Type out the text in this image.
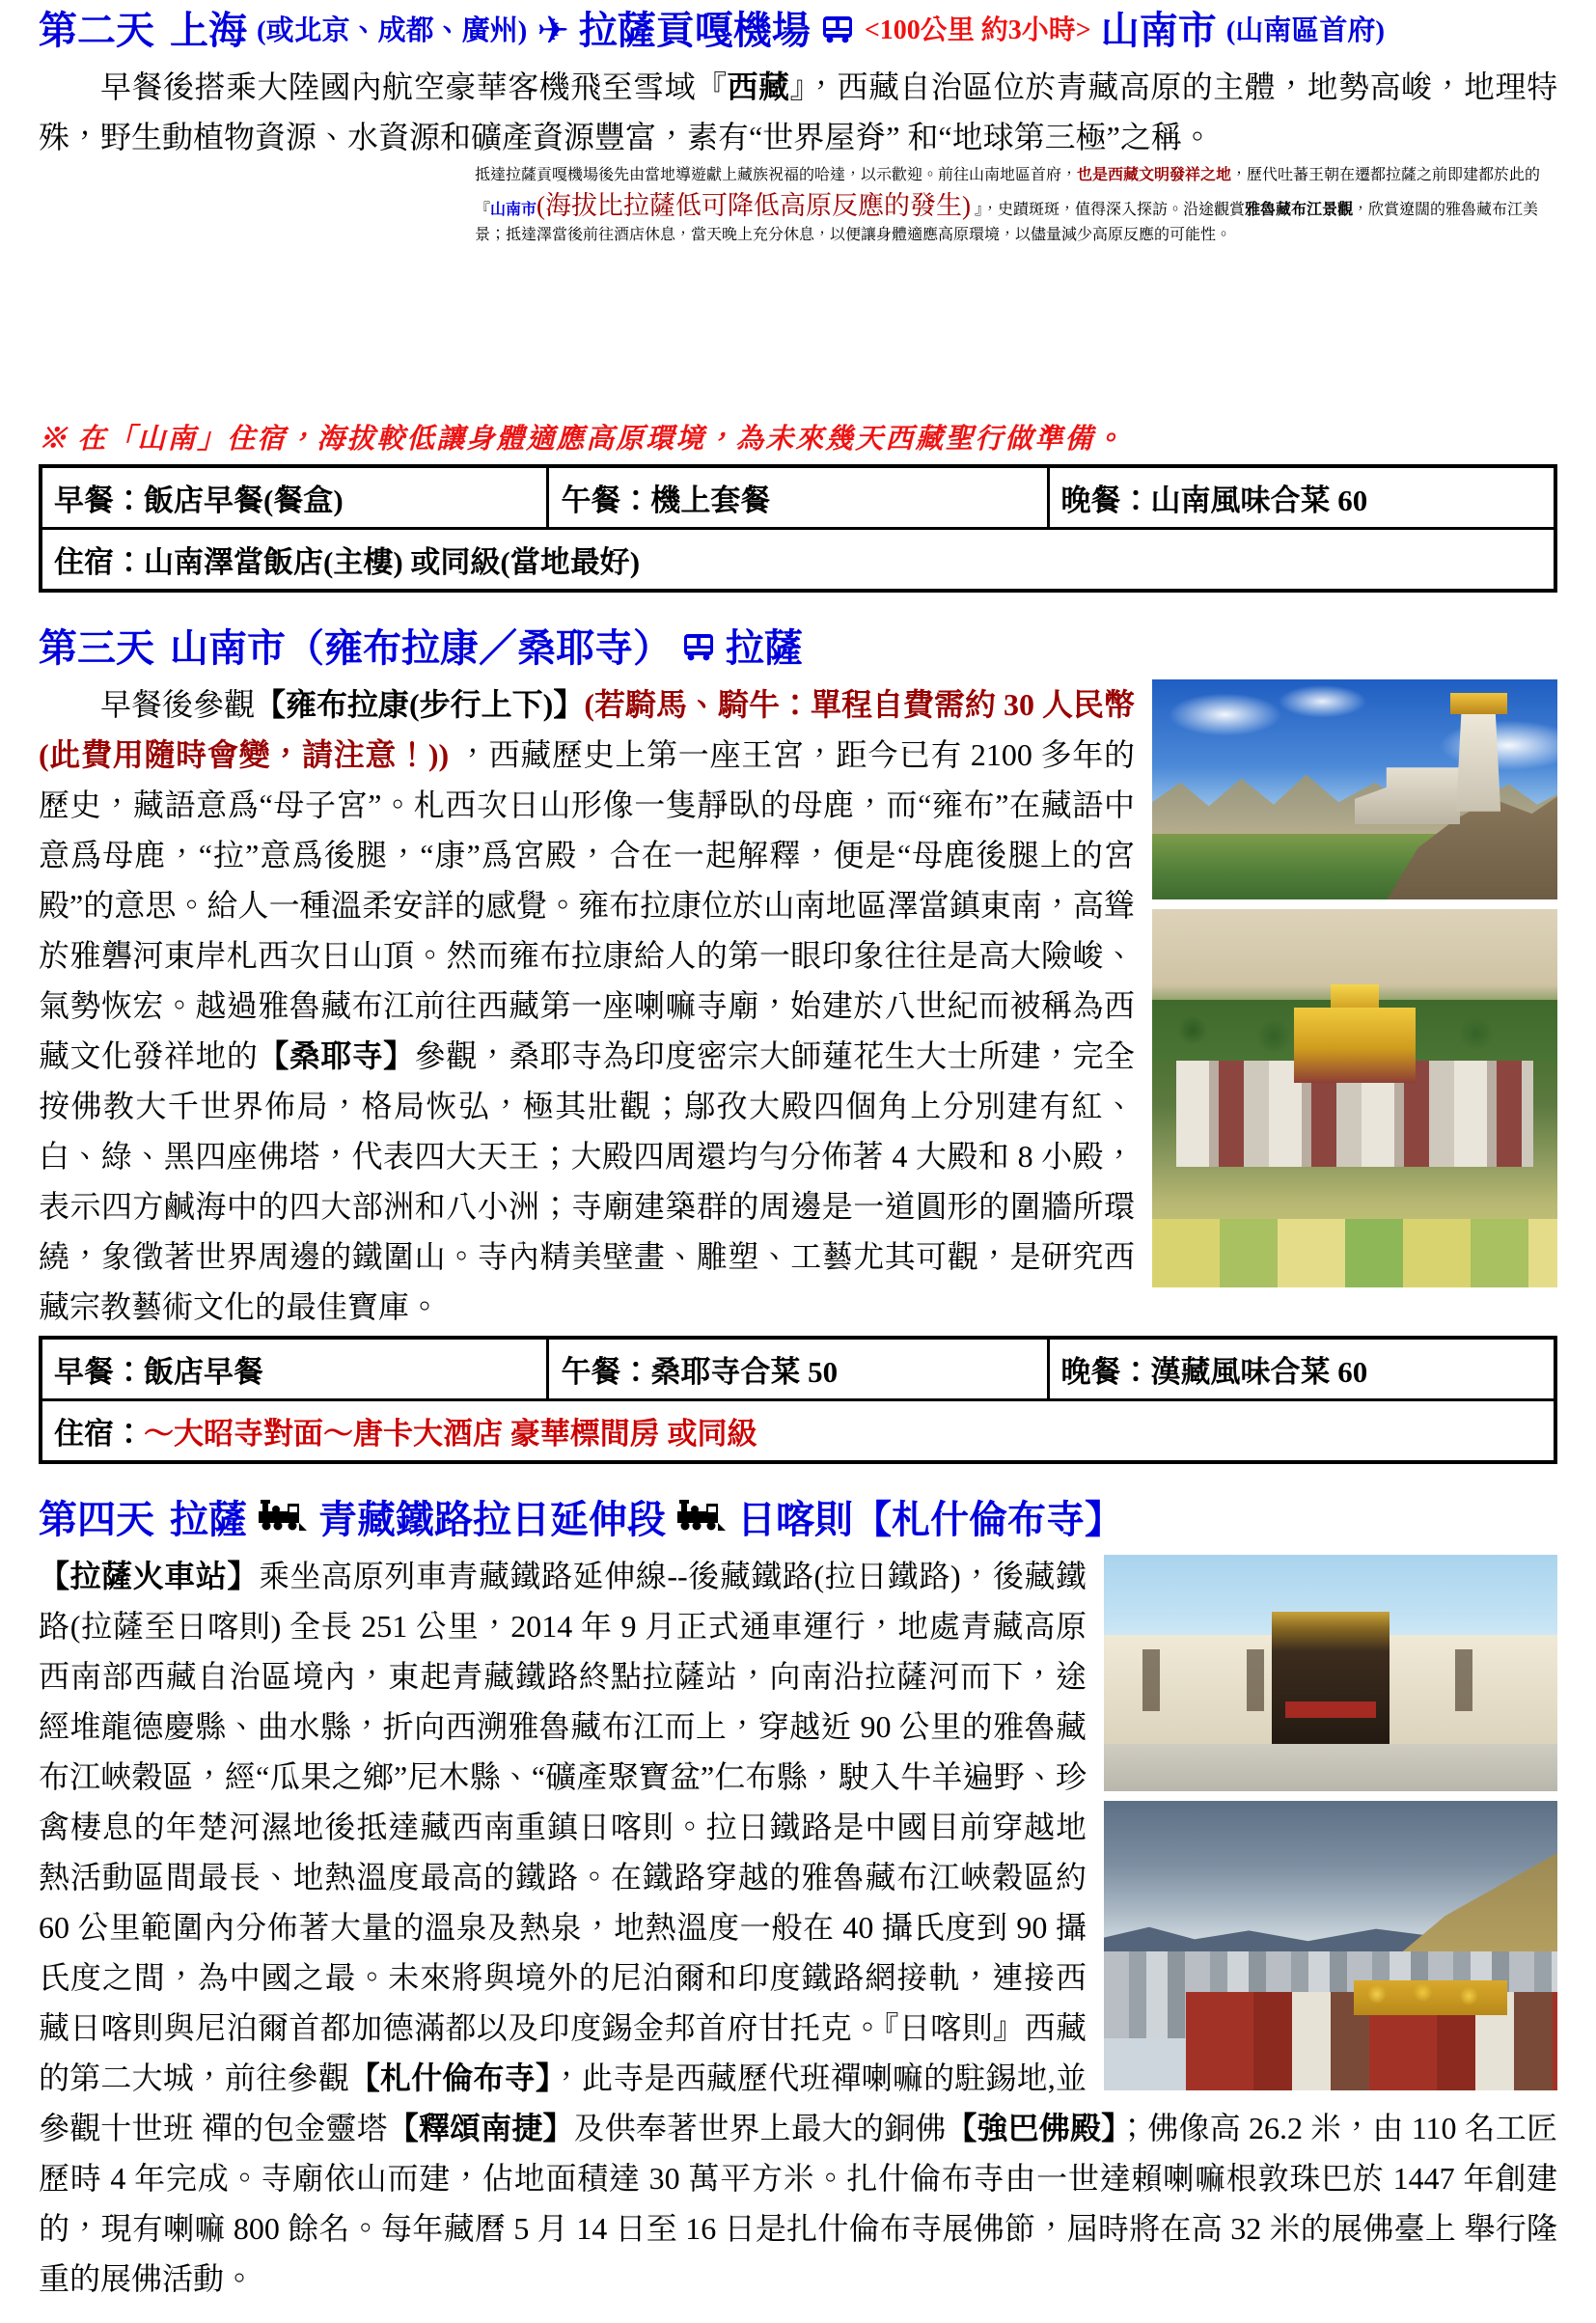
第二天 上海 (或北京、成都、廣州) ✈ 拉薩貢嘎機場 <100公里 約3小時> 山南市 (山南區首府)

早餐後搭乘大陸國內航空豪華客機飛至雪域『西藏』，西藏自治區位於青藏高原的主體，地勢高峻，地理特殊，野生動植物資源、水資源和礦產資源豐富，素有“世界屋脊” 和“地球第三極”之稱。

抵達拉薩貢嘎機場後先由當地導遊獻上藏族祝福的哈達，以示歡迎。前往山南地區首府，也是西藏文明發祥之地，歷代吐蕃王朝在遷都拉薩之前即建都於此的『山南市(海拔比拉薩低可降低高原反應的發生) 』，史蹟斑斑，值得深入探訪。沿途觀賞雅魯藏布江景觀，欣賞遼闊的雅魯藏布江美景；抵達澤當後前往酒店休息，當天晚上充分休息，以便讓身體適應高原環境，以儘量減少高原反應的可能性。

※ 在「山南」住宿，海拔較低讓身體適應高原環境，為未來幾天西藏聖行做準備。
早餐：飯店早餐(餐盒)	午餐：機上套餐	晚餐：山南風味合菜 60
住宿：山南澤當飯店(主樓) 或同級(當地最好)
第三天 山南市（雍布拉康／桑耶寺） 拉薩

早餐後參觀【雍布拉康(步行上下)】(若騎馬、騎牛：單程自費需約 30 人民幣(此費用隨時會變，請注意！)) ，西藏歷史上第一座王宮，距今已有 2100 多年的歷史，藏語意爲“母子宮”。札西次日山形像一隻靜臥的母鹿，而“雍布”在藏語中意爲母鹿，“拉”意爲後腿，“康”爲宮殿，合在一起解釋，便是“母鹿後腿上的宮殿”的意思。給人一種溫柔安詳的感覺。雍布拉康位於山南地區澤當鎮東南，高聳於雅礱河東岸札西次日山頂。然而雍布拉康給人的第一眼印象往往是高大險峻、氣勢恢宏。越過雅魯藏布江前往西藏第一座喇嘛寺廟，始建於八世紀而被稱為西藏文化發祥地的【桑耶寺】參觀，桑耶寺為印度密宗大師蓮花生大士所建，完全按佛教大千世界佈局，格局恢弘，極其壯觀；鄔孜大殿四個角上分別建有紅、白、綠、黑四座佛塔，代表四大天王；大殿四周還均勻分佈著 4 大殿和 8 小殿，表示四方鹹海中的四大部洲和八小洲；寺廟建築群的周邊是一道圓形的圍牆所環繞，象徵著世界周邊的鐵圍山。寺內精美壁畫、雕塑、工藝尤其可觀，是研究西藏宗教藝術文化的最佳寶庫。

早餐：飯店早餐	午餐：桑耶寺合菜 50	晚餐：漢藏風味合菜 60
住宿：～大昭寺對面～唐卡大酒店 豪華標間房 或同級
第四天 拉薩 青藏鐵路拉日延伸段 日喀則【札什倫布寺】

【拉薩火車站】乘坐高原列車青藏鐵路延伸線--後藏鐵路(拉日鐵路)，後藏鐵路(拉薩至日喀則) 全長 251 公里，2014 年 9 月正式通車運行，地處青藏高原西南部西藏自治區境內，東起青藏鐵路終點拉薩站，向南沿拉薩河而下，途經堆龍德慶縣、曲水縣，折向西溯雅魯藏布江而上，穿越近 90 公里的雅魯藏布江峽穀區，經“瓜果之鄉”尼木縣、“礦產聚寶盆”仁布縣，駛入牛羊遍野、珍禽棲息的年楚河濕地後抵達藏西南重鎮日喀則。拉日鐵路是中國目前穿越地熱活動區間最長、地熱溫度最高的鐵路。在鐵路穿越的雅魯藏布江峽穀區約 60 公里範圍內分佈著大量的溫泉及熱泉，地熱溫度一般在 40 攝氏度到 90 攝氏度之間，為中國之最。未來將與境外的尼泊爾和印度鐵路網接軌，連接西藏日喀則與尼泊爾首都加德滿都以及印度錫金邦首府甘托克。『日喀則』西藏的第二大城，前往參觀【札什倫布寺】，此寺是西藏歷代班禪喇嘛的駐錫地,並參觀十世班 禪的包金靈塔【釋頌南捷】及供奉著世界上最大的銅佛【強巴佛殿】；佛像高 26.2 米，由 110 名工匠歷時 4 年完成。寺廟依山而建，佔地面積達 30 萬平方米。扎什倫布寺由一世達賴喇嘛根敦珠巴於 1447 年創建 的，現有喇嘛 800 餘名。每年藏曆 5 月 14 日至 16 日是扎什倫布寺展佛節，屆時將在高 32 米的展佛臺上 舉行隆重的展佛活動。
